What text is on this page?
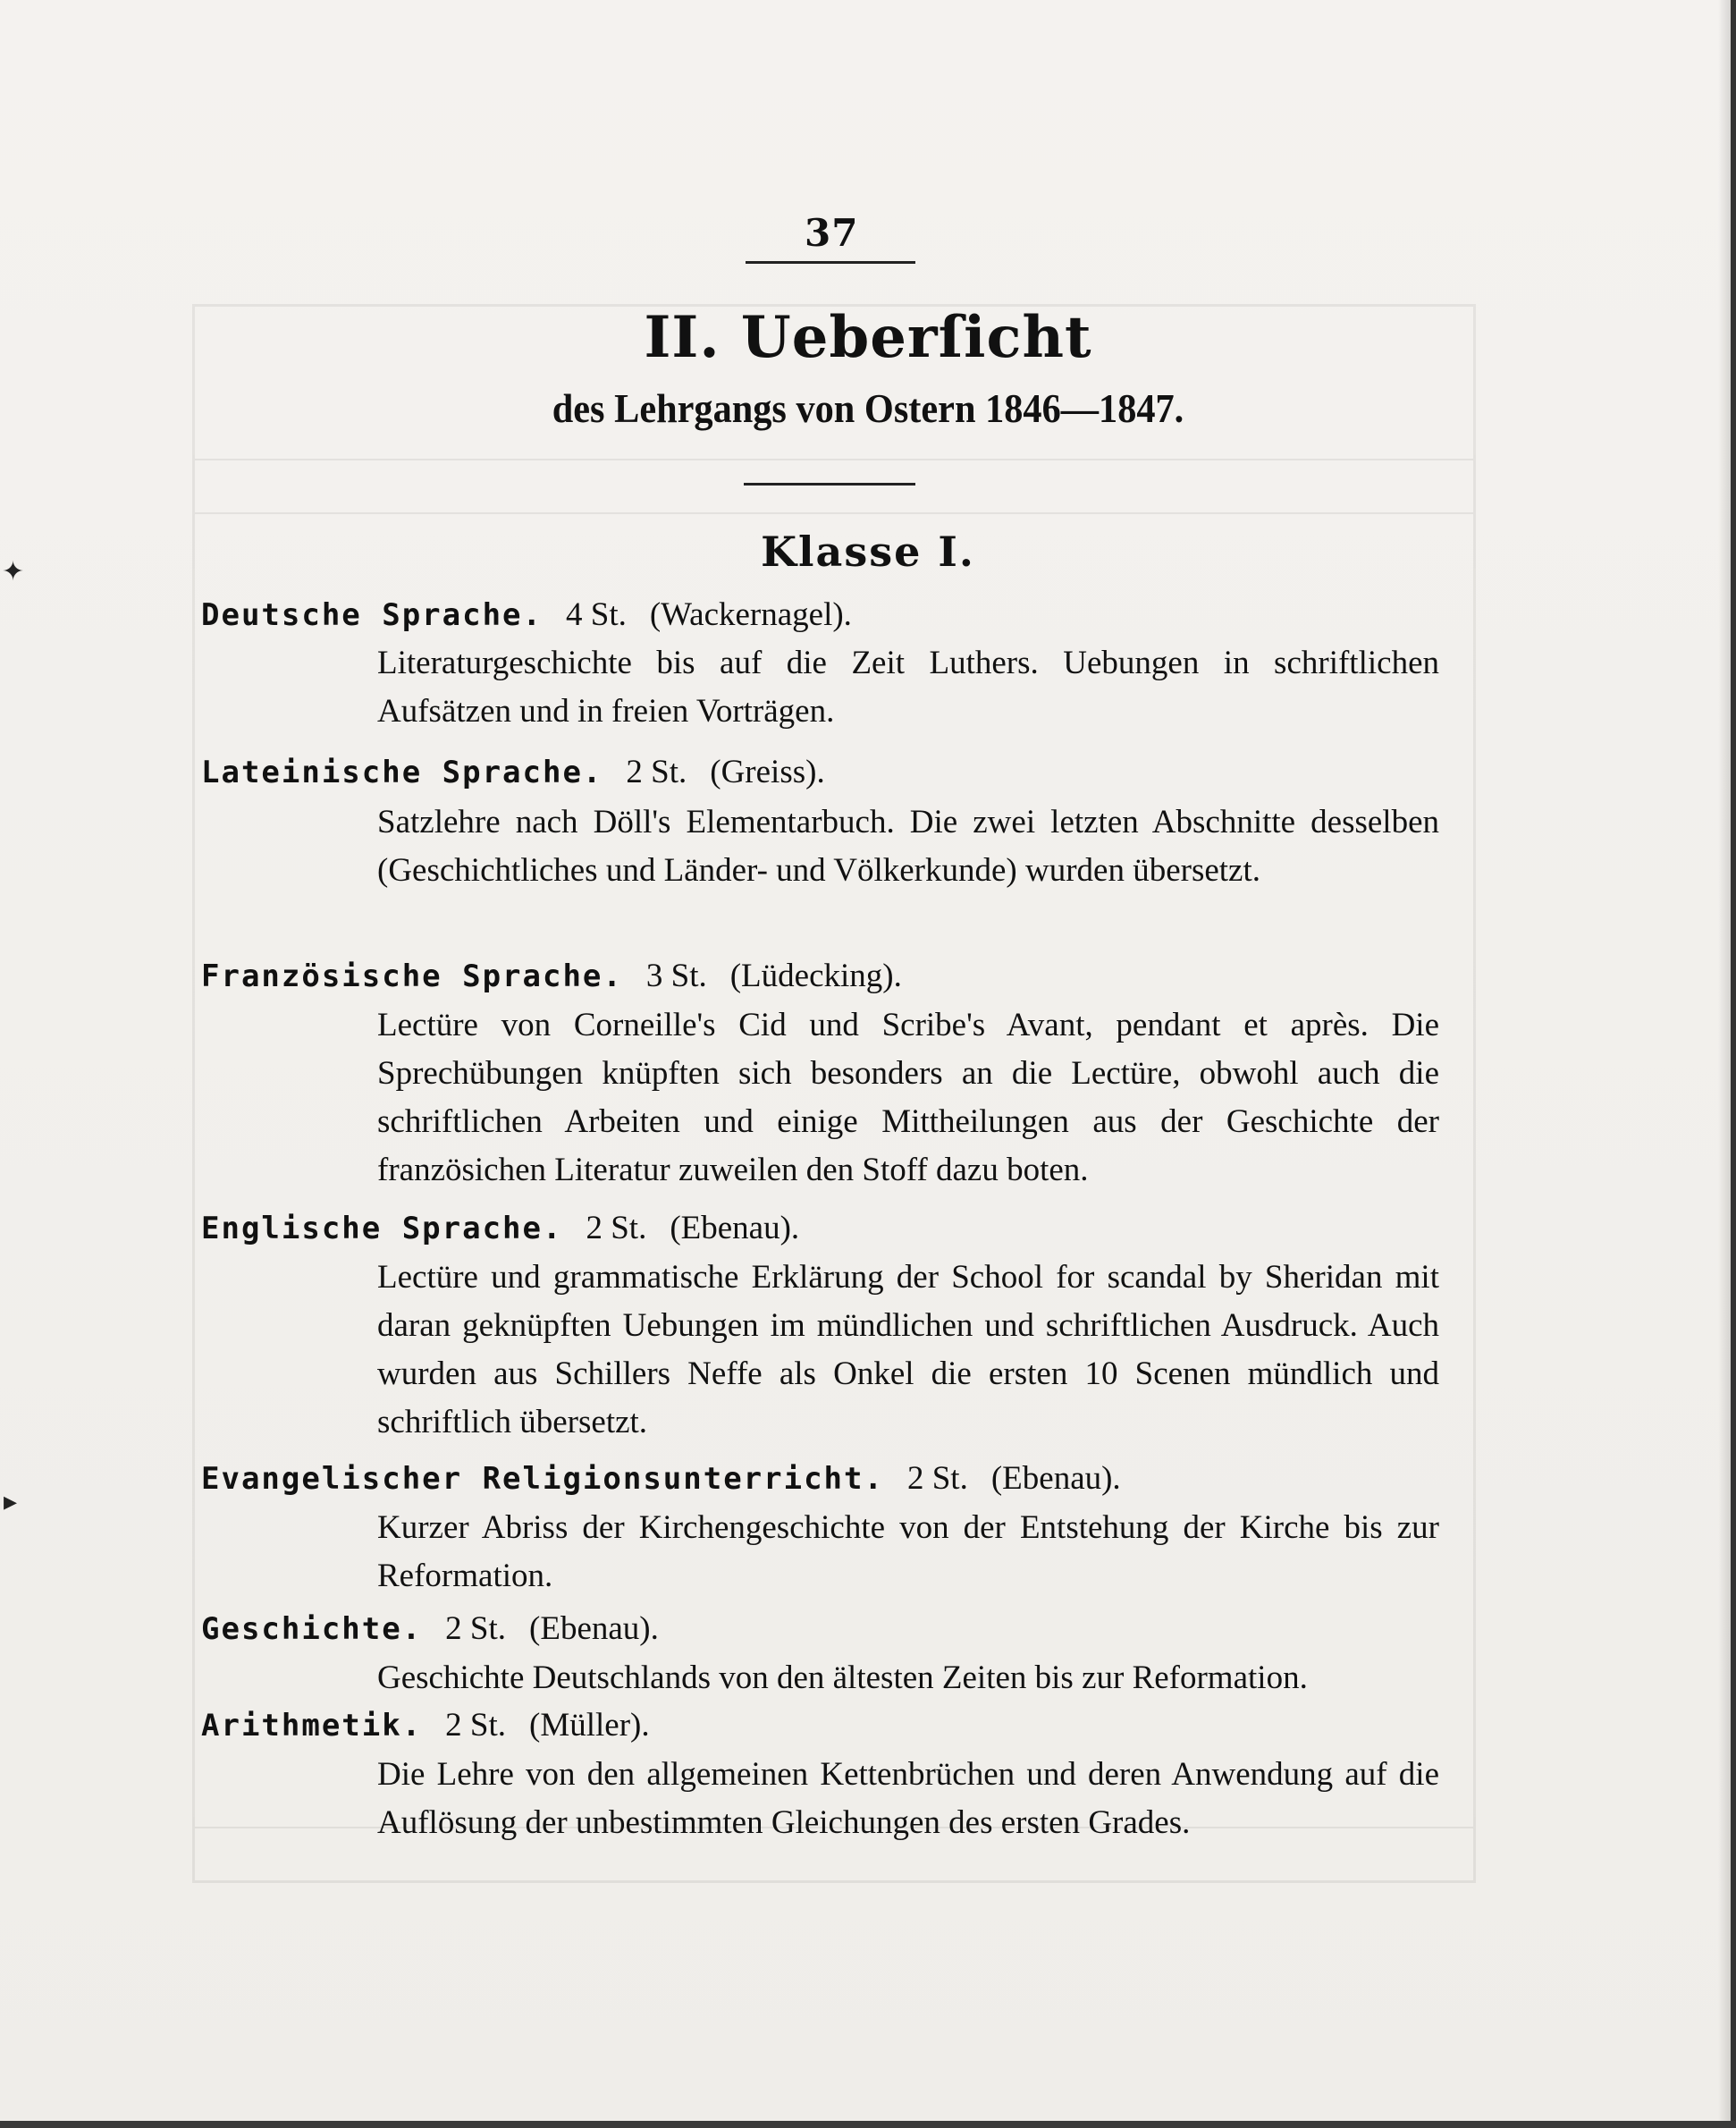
✦
▸
37
II. Ueberſicht
des Lehrgangs von Ostern 1846—1847.
Klasse I.
Deutsche Sprache. 4 St. (Wackernagel).

Literaturgeschichte bis auf die Zeit Luthers. Uebungen in schriftlichen Aufsätzen und in freien Vorträgen.

Lateinische Sprache. 2 St. (Greiss).

Satzlehre nach Döll's Elementarbuch. Die zwei letzten Abschnitte desselben (Geschichtliches und Länder- und Völkerkunde) wurden übersetzt.

Französische Sprache. 3 St. (Lüdecking).

Lectüre von Corneille's Cid und Scribe's Avant, pendant et après. Die Sprechübungen knüpften sich besonders an die Lectüre, obwohl auch die schriftlichen Arbeiten und einige Mittheilungen aus der Geschichte der französichen Literatur zuweilen den Stoff dazu boten.

Englische Sprache. 2 St. (Ebenau).

Lectüre und grammatische Erklärung der School for scandal by Sheridan mit daran geknüpften Uebungen im mündlichen und schriftlichen Ausdruck. Auch wurden aus Schillers Neffe als Onkel die ersten 10 Scenen mündlich und schriftlich übersetzt.

Evangelischer Religionsunterricht. 2 St. (Ebenau).

Kurzer Abriss der Kirchengeschichte von der Entstehung der Kirche bis zur Reformation.

Geschichte. 2 St. (Ebenau).

Geschichte Deutschlands von den ältesten Zeiten bis zur Reformation.

Arithmetik. 2 St. (Müller).

Die Lehre von den allgemeinen Kettenbrüchen und deren Anwendung auf die Auflösung der unbestimmten Gleichungen des ersten Grades.
